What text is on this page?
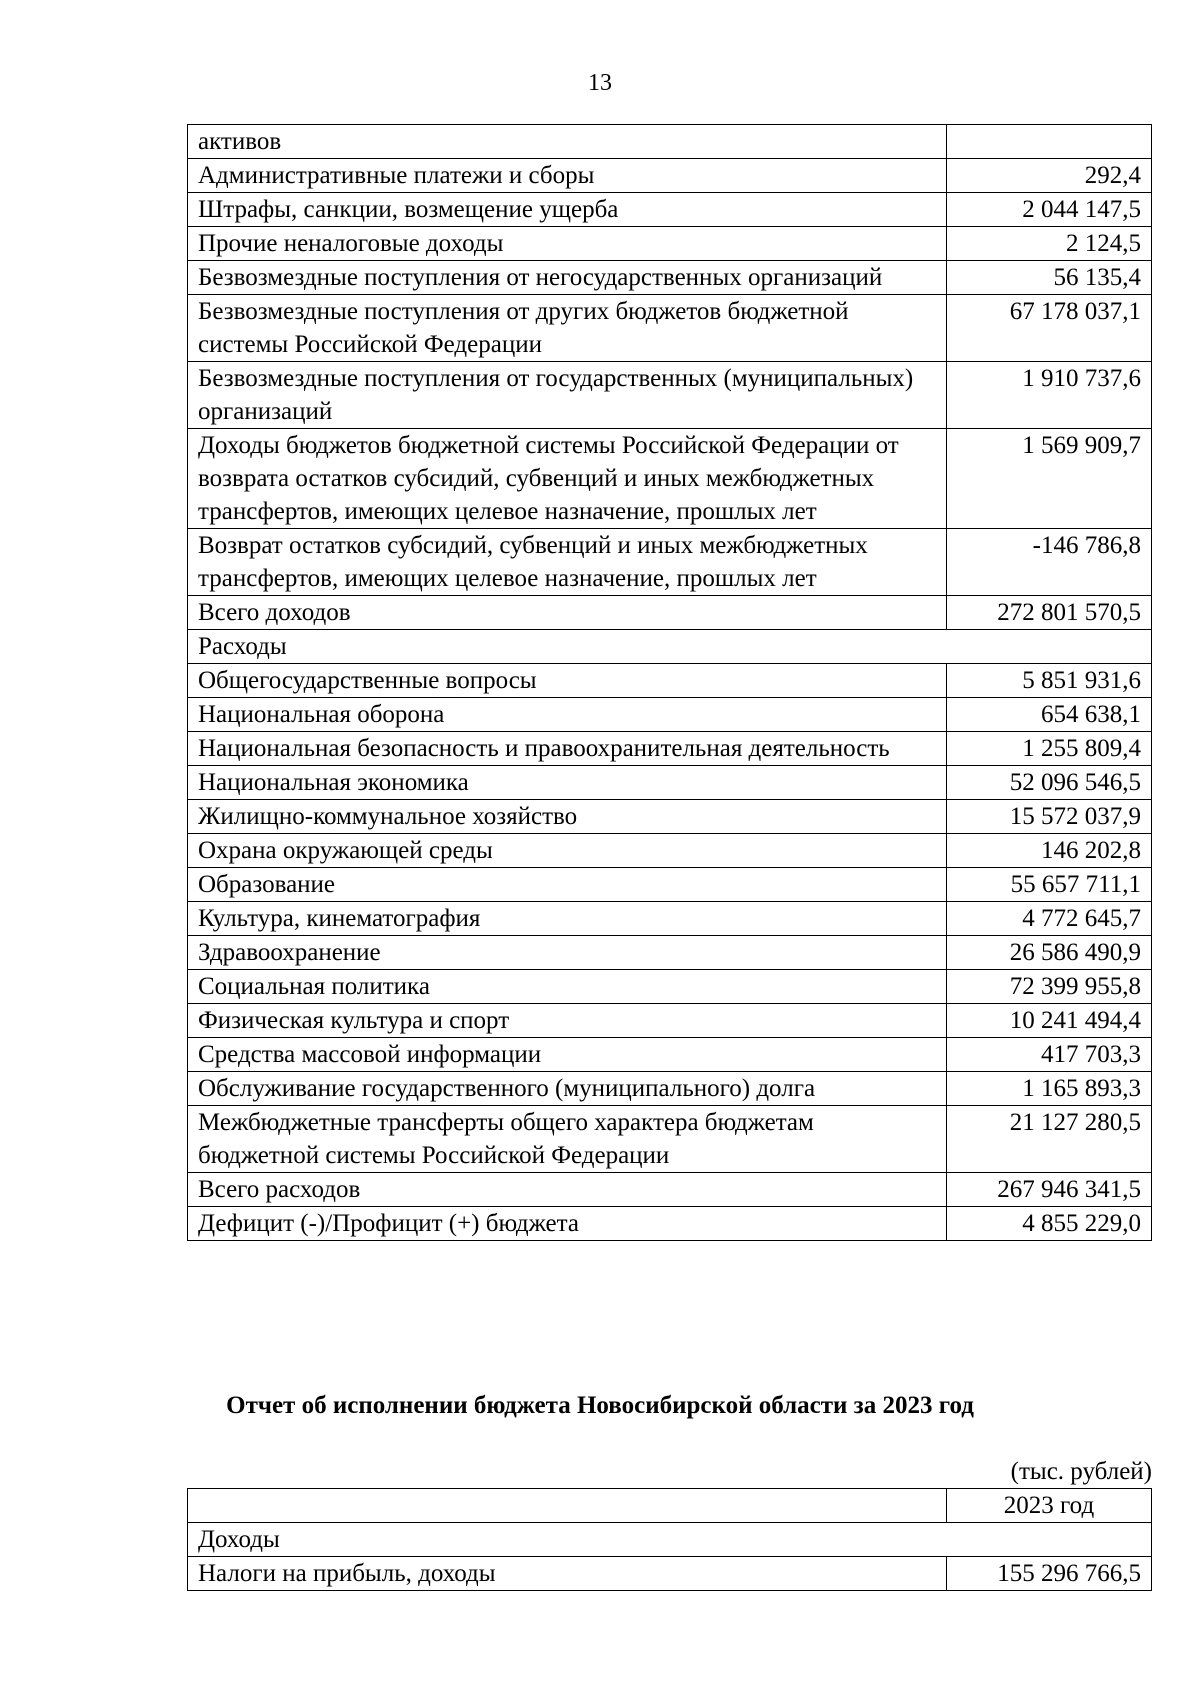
13
активов	
Административные платежи и сборы	292,4
Штрафы, санкции, возмещение ущерба	2 044 147,5
Прочие неналоговые доходы	2 124,5
Безвозмездные поступления от негосударственных организаций	56 135,4
Безвозмездные поступления от других бюджетов бюджетной системы Российской Федерации	67 178 037,1
Безвозмездные поступления от государственных (муниципальных) организаций	1 910 737,6
Доходы бюджетов бюджетной системы Российской Федерации от возврата остатков субсидий, субвенций и иных межбюджетных трансфертов, имеющих целевое назначение, прошлых лет	1 569 909,7
Возврат остатков субсидий, субвенций и иных межбюджетных трансфертов, имеющих целевое назначение, прошлых лет	-146 786,8
Всего доходов	272 801 570,5
Расходы	
Общегосударственные вопросы	5 851 931,6
Национальная оборона	654 638,1
Национальная безопасность и правоохранительная деятельность	1 255 809,4
Национальная экономика	52 096 546,5
Жилищно-коммунальное хозяйство	15 572 037,9
Охрана окружающей среды	146 202,8
Образование	55 657 711,1
Культура, кинематография	4 772 645,7
Здравоохранение	26 586 490,9
Социальная политика	72 399 955,8
Физическая культура и спорт	10 241 494,4
Средства массовой информации	417 703,3
Обслуживание государственного (муниципального) долга	1 165 893,3
Межбюджетные трансферты общего характера бюджетам бюджетной системы Российской Федерации	21 127 280,5
Всего расходов	267 946 341,5
Дефицит (-)/Профицит (+) бюджета	4 855 229,0
Отчет об исполнении бюджета Новосибирской области за 2023 год
(тыс. рублей)
	2023 год
Доходы	
Налоги на прибыль, доходы	155 296 766,5
